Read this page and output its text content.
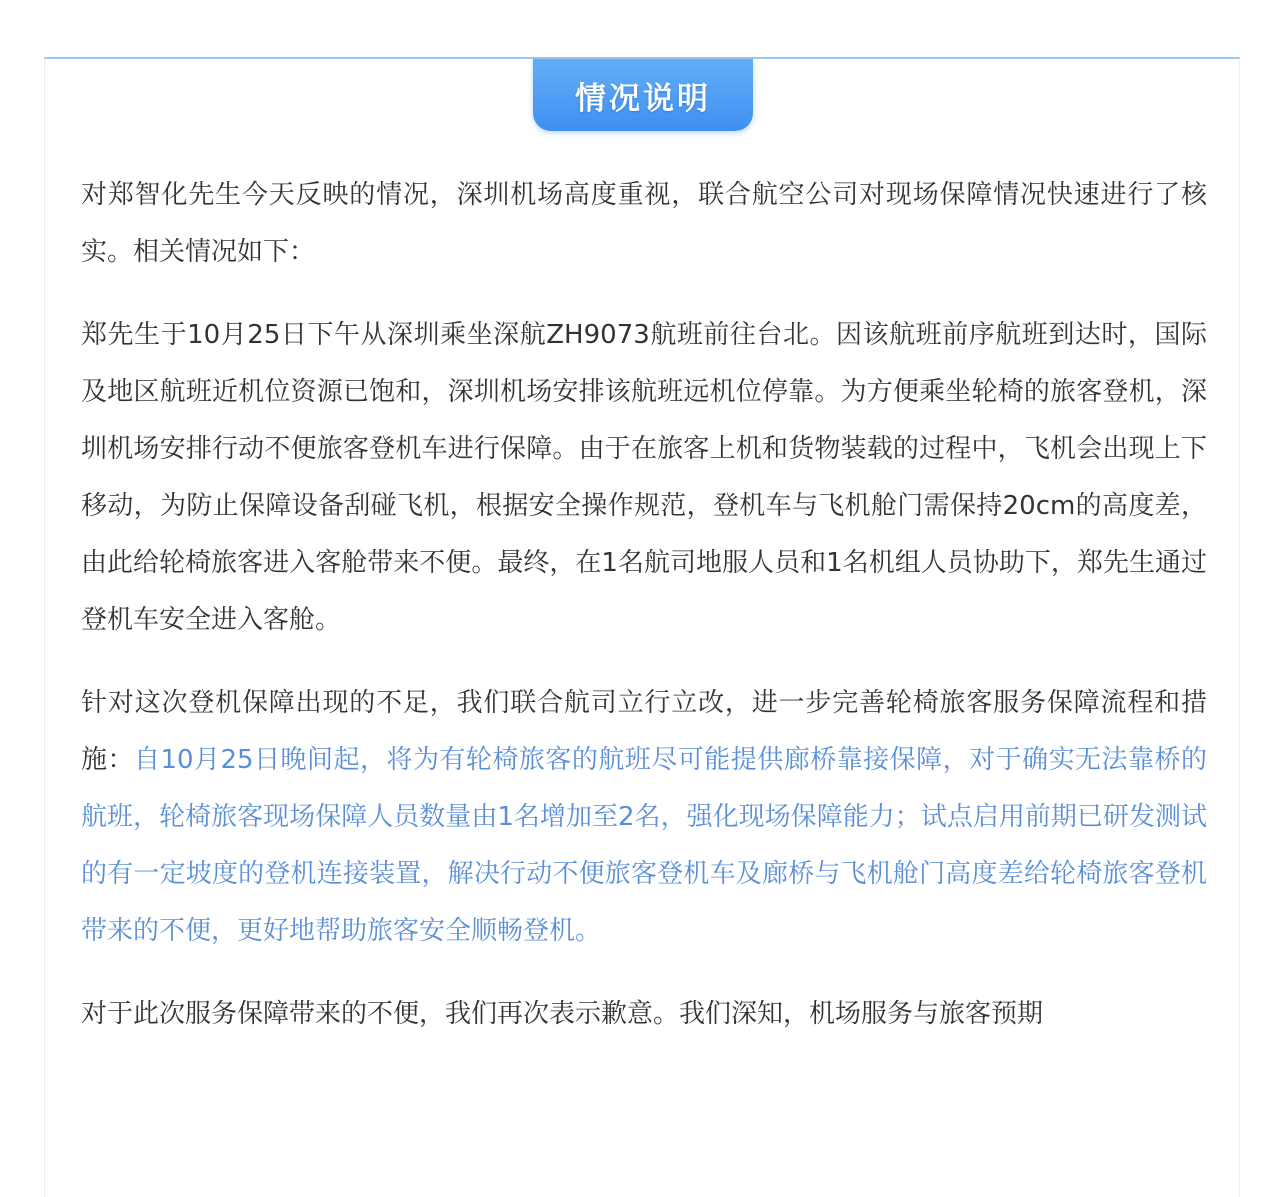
情况说明

对郑智化先生今天反映的情况，深圳机场高度重视，联合航空公司对现场保障情况快速进行了核实。相关情况如下：

郑先生于10月25日下午从深圳乘坐深航ZH9073航班前往台北。因该航班前序航班到达时，国际及地区航班近机位资源已饱和，深圳机场安排该航班远机位停靠。为方便乘坐轮椅的旅客登机，深圳机场安排行动不便旅客登机车进行保障。由于在旅客上机和货物装载的过程中，飞机会出现上下移动，为防止保障设备刮碰飞机，根据安全操作规范，登机车与飞机舱门需保持20cm的高度差，由此给轮椅旅客进入客舱带来不便。最终，在1名航司地服人员和1名机组人员协助下，郑先生通过登机车安全进入客舱。

针对这次登机保障出现的不足，我们联合航司立行立改，进一步完善轮椅旅客服务保障流程和措施：自10月25日晚间起，将为有轮椅旅客的航班尽可能提供廊桥靠接保障，对于确实无法靠桥的航班，轮椅旅客现场保障人员数量由1名增加至2名，强化现场保障能力；试点启用前期已研发测试的有一定坡度的登机连接装置，解决行动不便旅客登机车及廊桥与飞机舱门高度差给轮椅旅客登机带来的不便，更好地帮助旅客安全顺畅登机。

对于此次服务保障带来的不便，我们再次表示歉意。我们深知，机场服务与旅客预期
